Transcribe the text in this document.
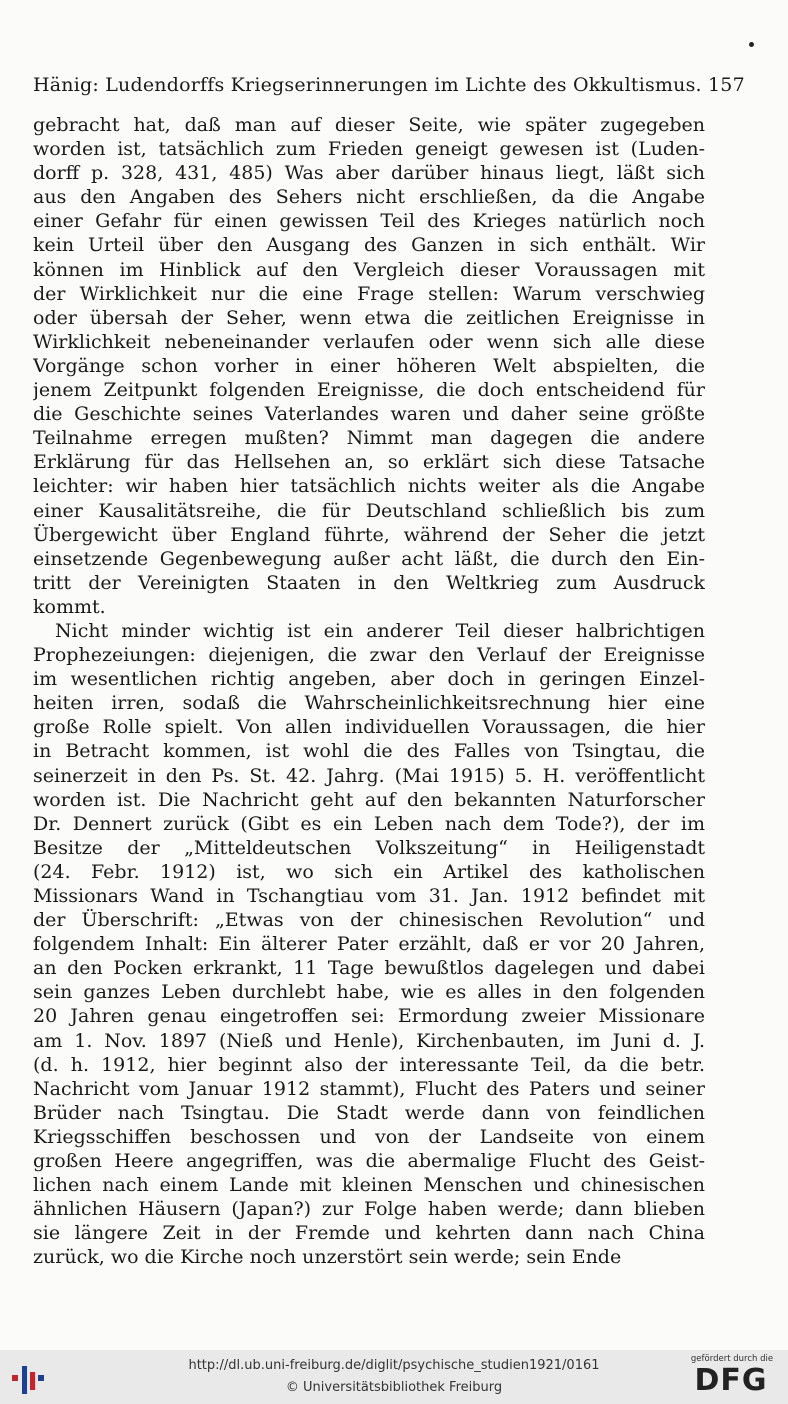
Hänig: Ludendorffs Kriegserinnerungen im Lichte des Okkultismus. 157
gebracht hat, daß man auf dieser Seite, wie später zugegeben
worden ist, tatsächlich zum Frieden geneigt gewesen ist (Luden-
dorff p. 328, 431, 485) Was aber darüber hinaus liegt, läßt sich
aus den Angaben des Sehers nicht erschließen, da die Angabe
einer Gefahr für einen gewissen Teil des Krieges natürlich noch
kein Urteil über den Ausgang des Ganzen in sich enthält. Wir
können im Hinblick auf den Vergleich dieser Voraussagen mit
der Wirklichkeit nur die eine Frage stellen: Warum verschwieg
oder übersah der Seher, wenn etwa die zeitlichen Ereignisse in
Wirklichkeit nebeneinander verlaufen oder wenn sich alle diese
Vorgänge schon vorher in einer höheren Welt abspielten, die
jenem Zeitpunkt folgenden Ereignisse, die doch entscheidend für
die Geschichte seines Vaterlandes waren und daher seine größte
Teilnahme erregen mußten? Nimmt man dagegen die andere
Erklärung für das Hellsehen an, so erklärt sich diese Tatsache
leichter: wir haben hier tatsächlich nichts weiter als die Angabe
einer Kausalitätsreihe, die für Deutschland schließlich bis zum
Übergewicht über England führte, während der Seher die jetzt
einsetzende Gegenbewegung außer acht läßt, die durch den Ein-
tritt der Vereinigten Staaten in den Weltkrieg zum Ausdruck
kommt.
Nicht minder wichtig ist ein anderer Teil dieser halbrichtigen
Prophezeiungen: diejenigen, die zwar den Verlauf der Ereignisse
im wesentlichen richtig angeben, aber doch in geringen Einzel-
heiten irren, sodaß die Wahrscheinlichkeitsrechnung hier eine
große Rolle spielt. Von allen individuellen Voraussagen, die hier
in Betracht kommen, ist wohl die des Falles von Tsingtau, die
seinerzeit in den Ps. St. 42. Jahrg. (Mai 1915) 5. H. veröffentlicht
worden ist. Die Nachricht geht auf den bekannten Naturforscher
Dr. Dennert zurück (Gibt es ein Leben nach dem Tode?), der im
Besitze der „Mitteldeutschen Volkszeitung“ in Heiligenstadt
(24. Febr. 1912) ist, wo sich ein Artikel des katholischen
Missionars Wand in Tschangtiau vom 31. Jan. 1912 befindet mit
der Überschrift: „Etwas von der chinesischen Revolution“ und
folgendem Inhalt: Ein älterer Pater erzählt, daß er vor 20 Jahren,
an den Pocken erkrankt, 11 Tage bewußtlos dagelegen und dabei
sein ganzes Leben durchlebt habe, wie es alles in den folgenden
20 Jahren genau eingetroffen sei: Ermordung zweier Missionare
am 1. Nov. 1897 (Nieß und Henle), Kirchenbauten, im Juni d. J.
(d. h. 1912, hier beginnt also der interessante Teil, da die betr.
Nachricht vom Januar 1912 stammt), Flucht des Paters und seiner
Brüder nach Tsingtau. Die Stadt werde dann von feindlichen
Kriegsschiffen beschossen und von der Landseite von einem
großen Heere angegriffen, was die abermalige Flucht des Geist-
lichen nach einem Lande mit kleinen Menschen und chinesischen
ähnlichen Häusern (Japan?) zur Folge haben werde; dann blieben
sie längere Zeit in der Fremde und kehrten dann nach China
zurück, wo die Kirche noch unzerstört sein werde; sein Ende
http://dl.ub.uni-freiburg.de/diglit/psychische_studien1921/0161
© Universitätsbibliothek Freiburg
gefördert durch die
DFG
